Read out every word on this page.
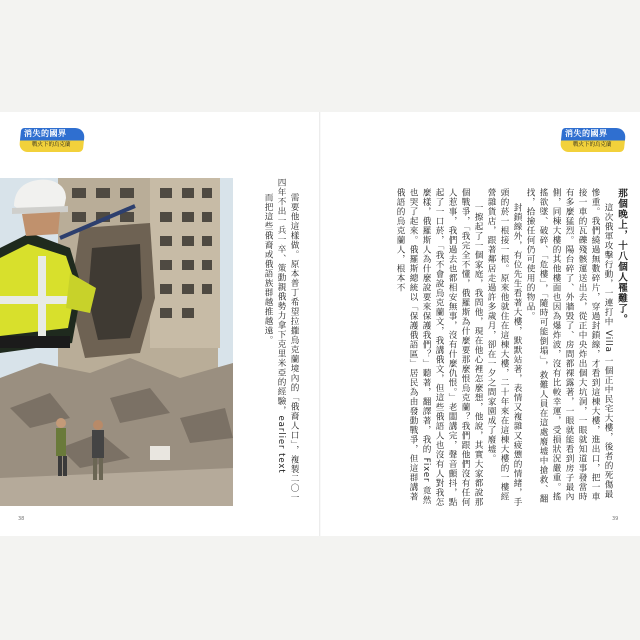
消失的國界
戰火下的烏克蘭

需要他這樣做。原本普丁希望拉攏烏克蘭境內的「俄裔人口」，複製二〇一四年不出一兵一卒、策動親俄勢力拿下克里米亞的經驗，earlier text

而把這些俄裔或俄語族群越推越遠。

38
消失的國界
戰火下的烏克蘭

那個晚上，十八個人罹難了。

這次俄軍攻擊行動，一連打中 Villa 一個正中民宅大樓，後者的死傷最慘重。我們繞過無數碎片，穿過封鎖線，才看到這棟大樓，進出口，把一車接一車的瓦礫殘骸運送出去，從正中央炸出個大坑洞，一眼就知道事發當時有多麼猛烈。陽台碎了、外牆毀了、房間都裸露著，一眼就能看到房子最內側，同棟大樓的其他樓面也因為爆炸波，沒有比較幸運，受損狀況嚴重。搖搖欲墜、破碎、「危樓」，「隨時可能倒塌」，救難人員在這處廢墟中搶救、翻找，拾撿任何仍可使用的物品。

封鎖線外，有位先生看著大樓，默默站著，表情又複雜又疲憊的情緒，手頭的菸一根接一根。原來他就住在這棟大樓，二十年來在這棟大樓的一樓經營雜貨店，跟著鄰居走過許多歲月，卻在一夕之間家園成了廢墟。

一擦起了一個家庭，我問他，現在他心裡怎麼想，他說，其實大家都說那個戰爭，「我完全不懂，俄羅斯為什麼要那麼恨烏克蘭？我們跟他們沒有任何人惹事，我們過去也都相安無事，沒有什麼仇恨。」老闆講完，聲音顫抖，點起了一口菸，「我不會說烏克蘭文，我講俄文，但這些俄語人也沒有人對我怎麼樣，俄羅斯人為什麼說要來保護我們？」聽著，翻譯著，我的 Fixer 竟然也哭了起來。俄羅斯總統以「保護俄語區」居民為由發動戰爭，但這群講著俄語的烏克蘭人，根本不

39
